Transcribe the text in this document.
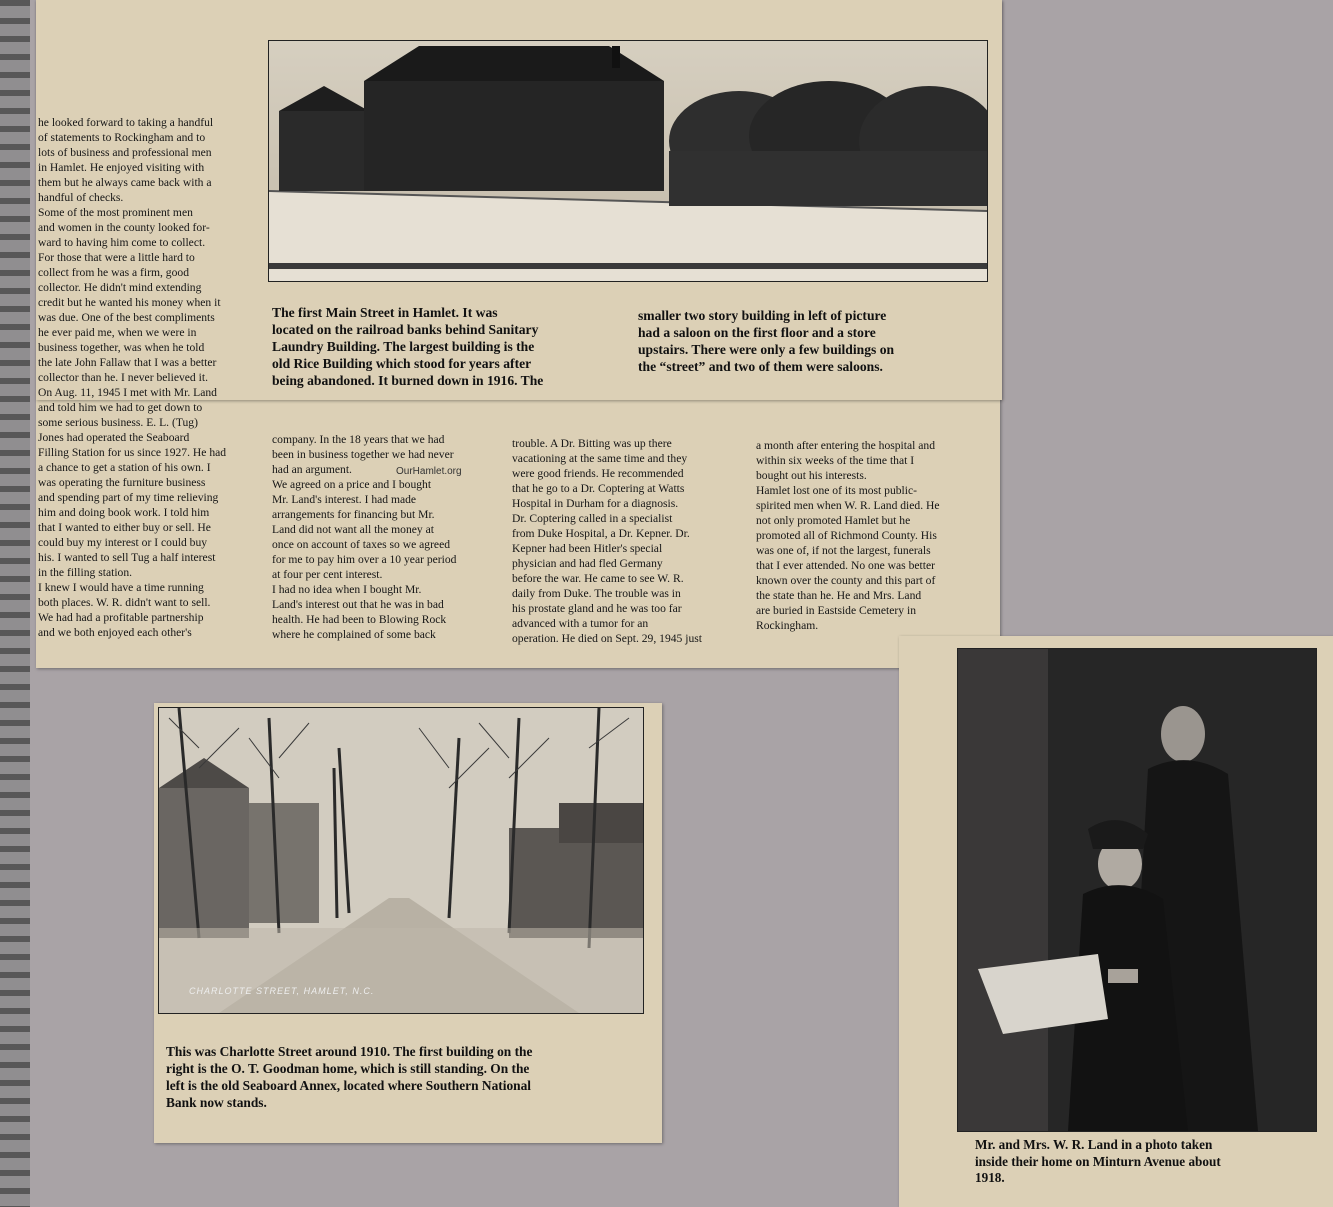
The first Main Street in Hamlet. It was
located on the railroad banks behind Sanitary
Laundry Building. The largest building is the
old Rice Building which stood for years after
being abandoned. It burned down in 1916. The
smaller two story building in left of picture
had a saloon on the first floor and a store
upstairs. There were only a few buildings on
the “street” and two of them were saloons.
he looked forward to taking a handful
of statements to Rockingham and to
lots of business and professional men
in Hamlet. He enjoyed visiting with
them but he always came back with a
handful of checks.
Some of the most prominent men
and women in the county looked for-
ward to having him come to collect.
For those that were a little hard to
collect from he was a firm, good
collector. He didn't mind extending
credit but he wanted his money when it
was due. One of the best compliments
he ever paid me, when we were in
business together, was when he told
the late John Fallaw that I was a better
collector than he. I never believed it.
On Aug. 11, 1945 I met with Mr. Land
and told him we had to get down to
some serious business. E. L. (Tug)
Jones had operated the Seaboard
Filling Station for us since 1927. He had
a chance to get a station of his own. I
was operating the furniture business
and spending part of my time relieving
him and doing book work. I told him
that I wanted to either buy or sell. He
could buy my interest or I could buy
his. I wanted to sell Tug a half interest
in the filling station.
I knew I would have a time running
both places. W. R. didn't want to sell.
We had had a profitable partnership
and we both enjoyed each other's
company. In the 18 years that we had
been in business together we had never
had an argument.
We agreed on a price and I bought
Mr. Land's interest. I had made
arrangements for financing but Mr.
Land did not want all the money at
once on account of taxes so we agreed
for me to pay him over a 10 year period
at four per cent interest.
I had no idea when I bought Mr.
Land's interest out that he was in bad
health. He had been to Blowing Rock
where he complained of some back
trouble. A Dr. Bitting was up there
vacationing at the same time and they
were good friends. He recommended
that he go to a Dr. Coptering at Watts
Hospital in Durham for a diagnosis.
Dr. Coptering called in a specialist
from Duke Hospital, a Dr. Kepner. Dr.
Kepner had been Hitler's special
physician and had fled Germany
before the war. He came to see W. R.
daily from Duke. The trouble was in
his prostate gland and he was too far
advanced with a tumor for an
operation. He died on Sept. 29, 1945 just
a month after entering the hospital and
within six weeks of the time that I
bought out his interests.
Hamlet lost one of its most public-
spirited men when W. R. Land died. He
not only promoted Hamlet but he
promoted all of Richmond County. His
was one of, if not the largest, funerals
that I ever attended. No one was better
known over the county and this part of
the state than he. He and Mrs. Land
are buried in Eastside Cemetery in
Rockingham.
OurHamlet.org
CHARLOTTE STREET, HAMLET, N.C.
This was Charlotte Street around 1910. The first building on the
right is the O. T. Goodman home, which is still standing. On the
left is the old Seaboard Annex, located where Southern National
Bank now stands.
Mr. and Mrs. W. R. Land in a photo taken
inside their home on Minturn Avenue about
1918.
